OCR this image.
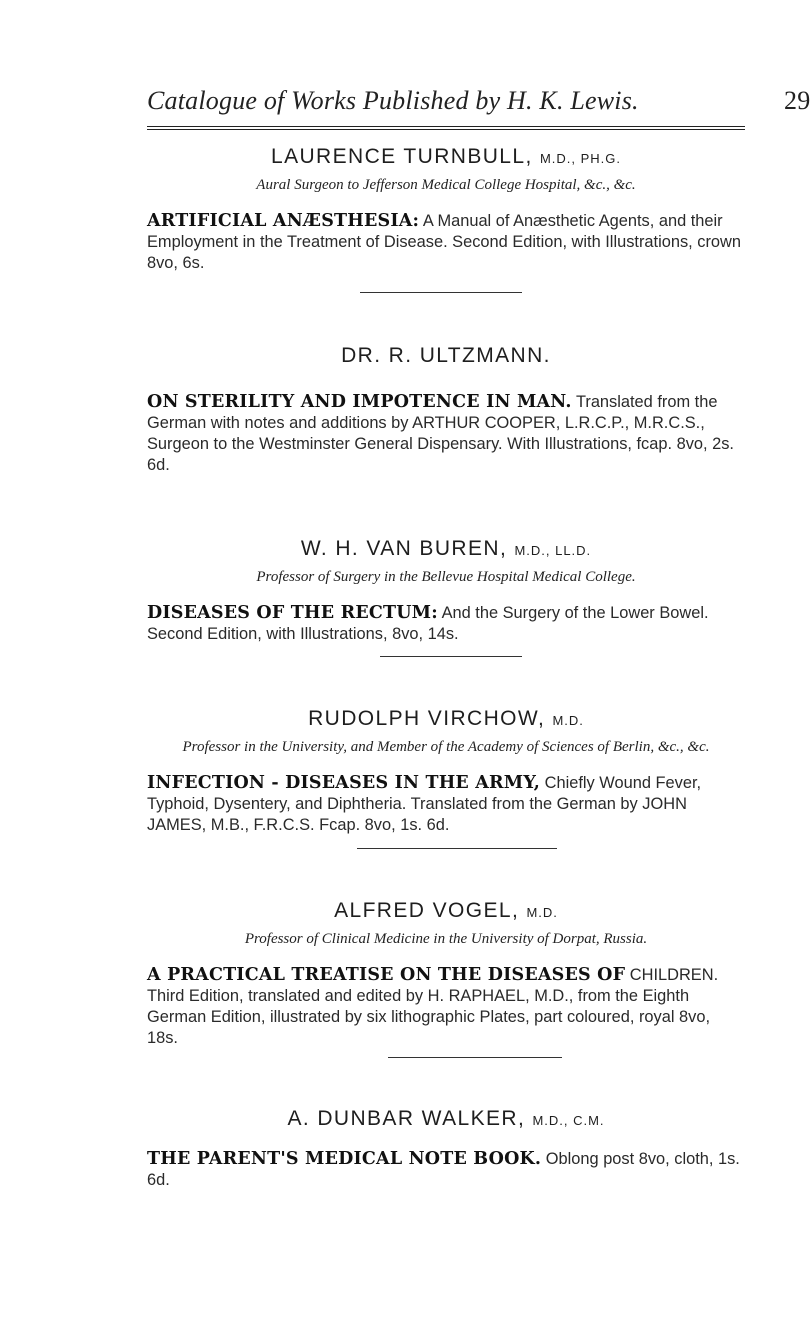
Catalogue of Works Published by H. K. Lewis.	29

LAURENCE TURNBULL, M.D., PH.G.

Aural Surgeon to Jefferson Medical College Hospital, &c., &c.

ARTIFICIAL ANÆSTHESIA: A Manual of Anæsthetic Agents, and their Employment in the Treatment of Disease. Second Edition, with Illustrations, crown 8vo, 6s.

DR. R. ULTZMANN.

ON STERILITY AND IMPOTENCE IN MAN. Translated from the German with notes and additions by ARTHUR COOPER, L.R.C.P., M.R.C.S., Surgeon to the Westminster General Dispensary. With Illustrations, fcap. 8vo, 2s. 6d.

W. H. VAN BUREN, M.D., LL.D.

Professor of Surgery in the Bellevue Hospital Medical College.

DISEASES OF THE RECTUM: And the Surgery of the Lower Bowel. Second Edition, with Illustrations, 8vo, 14s.

RUDOLPH VIRCHOW, M.D.

Professor in the University, and Member of the Academy of Sciences of Berlin, &c., &c.

INFECTION - DISEASES IN THE ARMY, Chiefly Wound Fever, Typhoid, Dysentery, and Diphtheria. Translated from the German by JOHN JAMES, M.B., F.R.C.S. Fcap. 8vo, 1s. 6d.

ALFRED VOGEL, M.D.

Professor of Clinical Medicine in the University of Dorpat, Russia.

A PRACTICAL TREATISE ON THE DISEASES OF CHILDREN. Third Edition, translated and edited by H. RAPHAEL, M.D., from the Eighth German Edition, illustrated by six lithographic Plates, part coloured, royal 8vo, 18s.

A. DUNBAR WALKER, M.D., C.M.

THE PARENT'S MEDICAL NOTE BOOK. Oblong post 8vo, cloth, 1s. 6d.
